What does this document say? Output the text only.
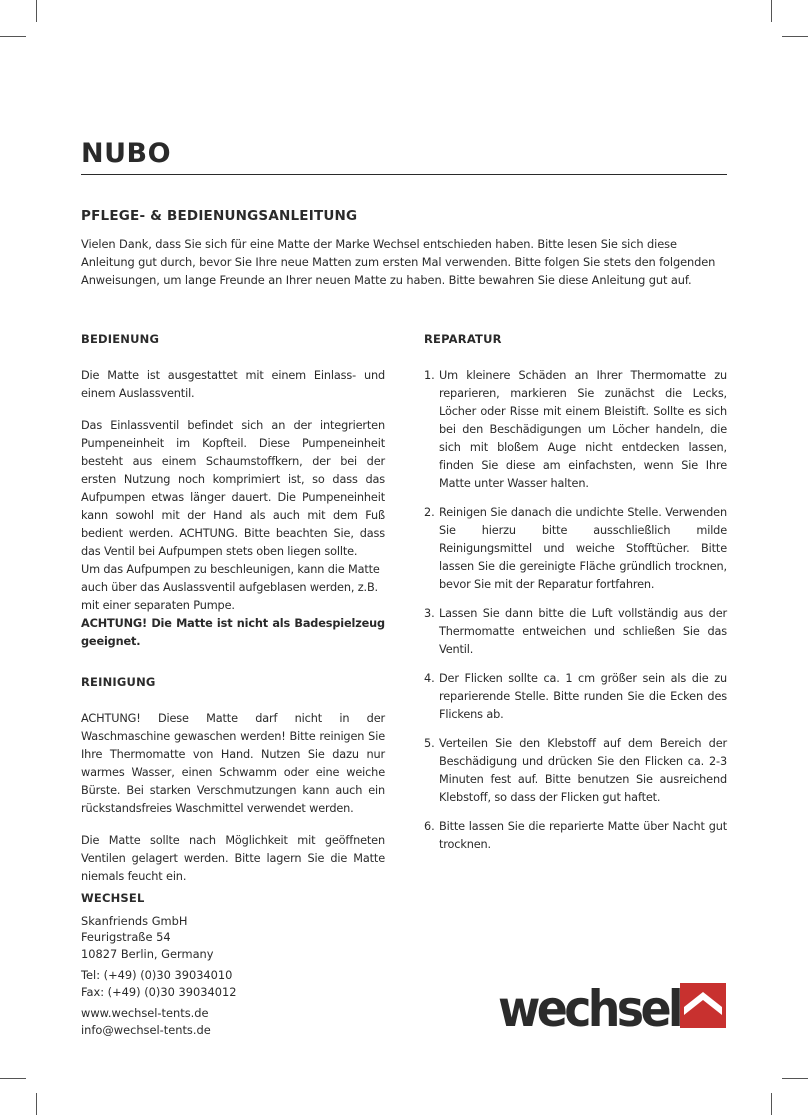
NUBO
PFLEGE- & BEDIENUNGSANLEITUNG

Vielen Dank, dass Sie sich für eine Matte der Marke Wechsel entschieden haben. Bitte lesen Sie sich diese Anleitung gut durch, bevor Sie Ihre neue Matten zum ersten Mal verwenden. Bitte folgen Sie stets den folgenden Anweisungen, um lange Freunde an Ihrer neuen Matte zu haben. Bitte bewahren Sie diese Anleitung gut auf.

BEDIENUNG

Die Matte ist ausgestattet mit einem Einlass- und einem Auslassventil.

Das Einlassventil befindet sich an der integrierten Pumpeneinheit im Kopfteil. Diese Pumpeneinheit besteht aus einem Schaumstoffkern, der bei der ersten Nutzung noch komprimiert ist, so dass das Aufpumpen etwas länger dauert. Die Pumpeneinheit kann sowohl mit der Hand als auch mit dem Fuß bedient werden. ACHTUNG. Bitte beachten Sie, dass das Ventil bei Aufpumpen stets oben liegen sollte.

Um das Aufpumpen zu beschleunigen, kann die Matte auch über das Auslassventil aufgeblasen werden, z.B. mit einer separaten Pumpe.

ACHTUNG! Die Matte ist nicht als Badespielzeug geeignet.

REINIGUNG

ACHTUNG! Diese Matte darf nicht in der Waschmaschine gewaschen werden! Bitte reinigen Sie Ihre Thermomatte von Hand. Nutzen Sie dazu nur warmes Wasser, einen Schwamm oder eine weiche Bürste. Bei starken Verschmutzungen kann auch ein rückstandsfreies Waschmittel verwendet werden.

Die Matte sollte nach Möglichkeit mit geöffneten Ventilen gelagert werden. Bitte lagern Sie die Matte niemals feucht ein.

REPARATUR
1. Um kleinere Schäden an Ihrer Thermomatte zu reparieren, markieren Sie zunächst die Lecks, Löcher oder Risse mit einem Bleistift. Sollte es sich bei den Beschädigungen um Löcher handeln, die sich mit bloßem Auge nicht entdecken lassen, finden Sie diese am einfachsten, wenn Sie Ihre Matte unter Wasser halten.
2. Reinigen Sie danach die undichte Stelle. Verwenden Sie hierzu bitte ausschließlich milde Reinigungsmittel und weiche Stofftücher. Bitte lassen Sie die gereinigte Fläche gründlich trocknen, bevor Sie mit der Reparatur fortfahren.
3. Lassen Sie dann bitte die Luft vollständig aus der Thermomatte entweichen und schließen Sie das Ventil.
4. Der Flicken sollte ca. 1 cm größer sein als die zu reparierende Stelle. Bitte runden Sie die Ecken des Flickens ab.
5. Verteilen Sie den Klebstoff auf dem Bereich der Beschädigung und drücken Sie den Flicken ca. 2-3 Minuten fest auf. Bitte benutzen Sie ausreichend Klebstoff, so dass der Flicken gut haftet.
6. Bitte lassen Sie die reparierte Matte über Nacht gut trocknen.
WECHSEL
Skanfriends GmbH
Feurigstraße 54
10827 Berlin, Germany
Tel: (+49) (0)30 39034010
Fax: (+49) (0)30 39034012
www.wechsel-tents.de
info@wechsel-tents.de	wechsel
